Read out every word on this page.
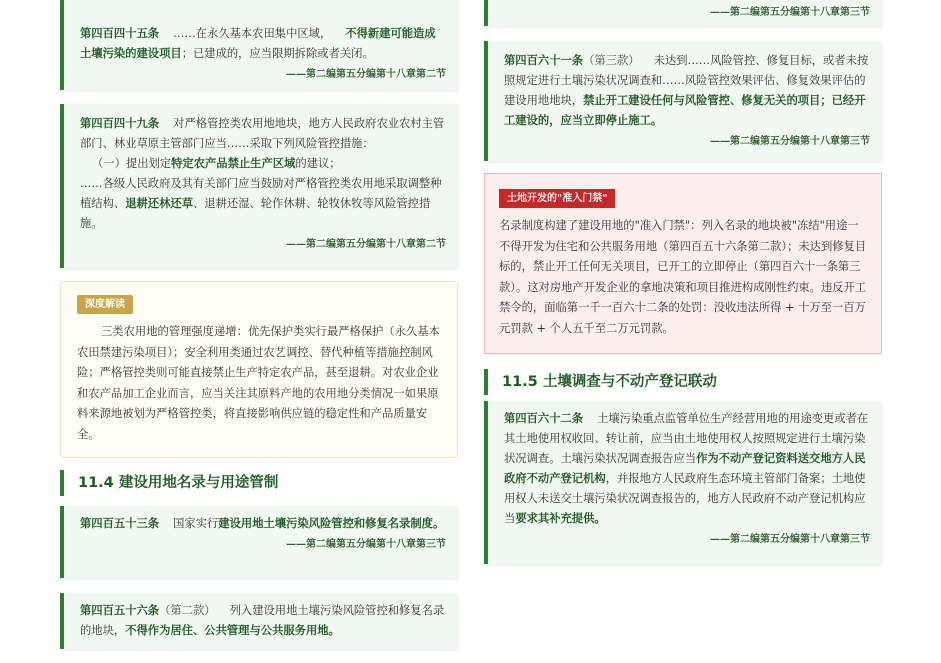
第四百四十五条 ……在永久基本农田集中区域， 不得新建可能造成土壤污染的建设项目；已建成的，应当限期拆除或者关闭。
——第二编第五分编第十八章第二节

第四百四十九条 对严格管控类农用地地块，地方人民政府农业农村主管部门、林业草原主管部门应当……采取下列风险管控措施：

（一）提出划定特定农产品禁止生产区域的建议；

……各级人民政府及其有关部门应当鼓励对严格管控类农用地采取调整种植结构、退耕还林还草、退耕还湿、轮作休耕、轮牧休牧等风险管控措施。

——第二编第五分编第十八章第二节
深度解读
三类农用地的管理强度递增：优先保护类实行最严格保护（永久基本农田禁建污染项目）；安全利用类通过农艺调控、替代种植等措施控制风险；严格管控类则可能直接禁止生产特定农产品，甚至退耕。对农业企业和农产品加工企业而言，应当关注其原料产地的农用地分类情况一如果原料来源地被划为严格管控类，将直接影响供应链的稳定性和产品质量安全。
11.4 建设用地名录与用途管制
第四百五十三条 国家实行建设用地土壤污染风险管控和修复名录制度。
——第二编第五分编第十八章第三节
第四百五十六条（第二款） 列入建设用地土壤污染风险管控和修复名录的地块，不得作为居住、公共管理与公共服务用地。
——第二编第五分编第十八章第三节
第四百六十一条（第三款） 未达到……风险管控、修复目标，或者未按照规定进行土壤污染状况调查和……风险管控效果评估、修复效果评估的建设用地地块，禁止开工建设任何与风险管控、修复无关的项目；已经开工建设的，应当立即停止施工。
——第二编第五分编第十八章第三节
土地开发的"准入门禁"
名录制度构建了建设用地的"准入门禁"：列入名录的地块被"冻结"用途一不得开发为住宅和公共服务用地（第四百五十六条第二款）；未达到修复目标的，禁止开工任何无关项目，已开工的立即停止（第四百六十一条第三款）。这对房地产开发企业的拿地决策和项目推进构成刚性约束。违反开工禁令的，面临第一千一百六十二条的处罚：没收违法所得 + 十万至一百万元罚款 + 个人五千至二万元罚款。
11.5 土壤调查与不动产登记联动
第四百六十二条 土壤污染重点监管单位生产经营用地的用途变更或者在其土地使用权收回、转让前，应当由土地使用权人按照规定进行土壤污染状况调查。土壤污染状况调查报告应当作为不动产登记资料送交地方人民政府不动产登记机构，并报地方人民政府生态环境主管部门备案；土地使用权人未送交土壤污染状况调查报告的，地方人民政府不动产登记机构应当要求其补充提供。
——第二编第五分编第十八章第三节
